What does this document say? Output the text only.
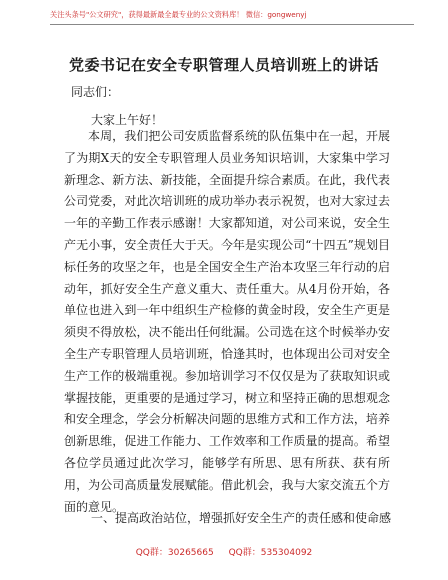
关注头条号"公文研究"，获得最新最全最专业的公文资料库！ 微信：gongwenyj
党委书记在安全专职管理人员培训班上的讲话
同志们：
大家上午好！

本周，我们把公司安质监督系统的队伍集中在一起，开展了为期X天的安全专职管理人员业务知识培训，大家集中学习新理念、新方法、新技能，全面提升综合素质。在此，我代表公司党委，对此次培训班的成功举办表示祝贺，也对大家过去一年的辛勤工作表示感谢！大家都知道，对公司来说，安全生产无小事，安全责任大于天。今年是实现公司“十四五”规划目标任务的攻坚之年，也是全国安全生产治本攻坚三年行动的启动年，抓好安全生产意义重大、责任重大。从4月份开始，各单位也进入到一年中组织生产检修的黄金时段，安全生产更是须臾不得放松，决不能出任何纰漏。公司选在这个时候举办安全生产专职管理人员培训班，恰逢其时，也体现出公司对安全生产工作的极端重视。参加培训学习不仅仅是为了获取知识或掌握技能，更重要的是通过学习，树立和坚持正确的思想观念和安全理念，学会分析解决问题的思维方式和工作方法，培养创新思维，促进工作能力、工作效率和工作质量的提高。希望各位学员通过此次学习，能够学有所思、思有所获、获有所用，为公司高质量发展赋能。借此机会，我与大家交流五个方面的意见。

一、提高政治站位，增强抓好安全生产的责任感和使命感
QQ群：30265665 QQ群：535304092
